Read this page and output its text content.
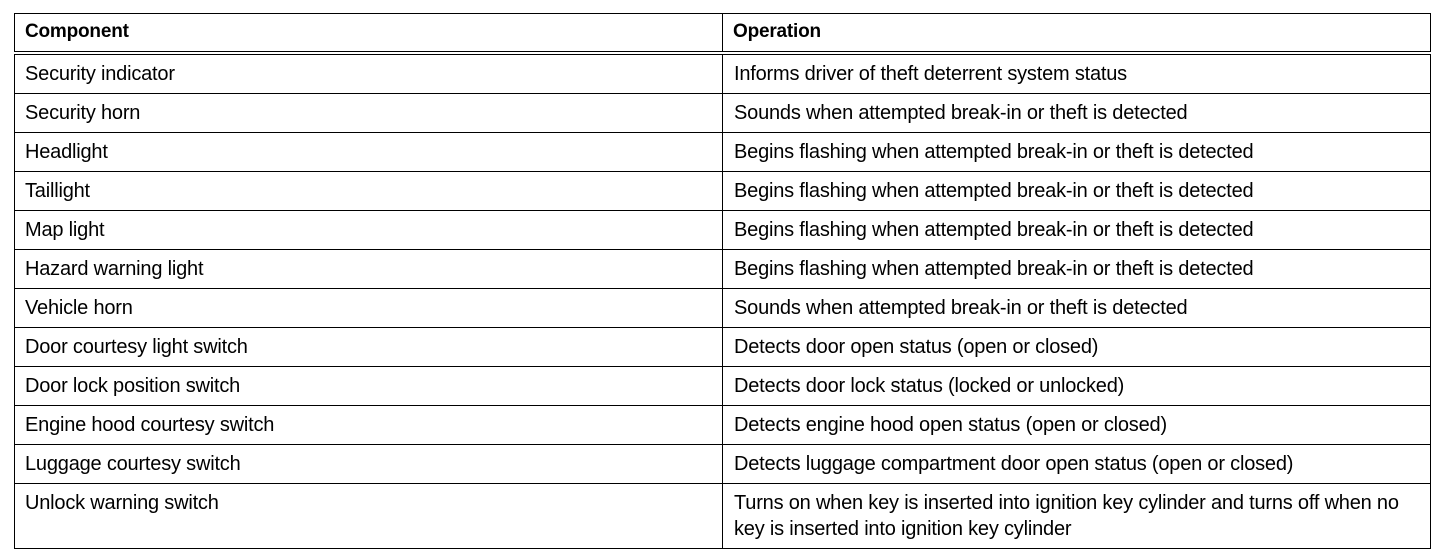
Component	Operation
Security indicator	Informs driver of theft deterrent system status
Security horn	Sounds when attempted break-in or theft is detected
Headlight	Begins flashing when attempted break-in or theft is detected
Taillight	Begins flashing when attempted break-in or theft is detected
Map light	Begins flashing when attempted break-in or theft is detected
Hazard warning light	Begins flashing when attempted break-in or theft is detected
Vehicle horn	Sounds when attempted break-in or theft is detected
Door courtesy light switch	Detects door open status (open or closed)
Door lock position switch	Detects door lock status (locked or unlocked)
Engine hood courtesy switch	Detects engine hood open status (open or closed)
Luggage courtesy switch	Detects luggage compartment door open status (open or closed)
Unlock warning switch	Turns on when key is inserted into ignition key cylinder and turns off when no key is inserted into ignition key cylinder
